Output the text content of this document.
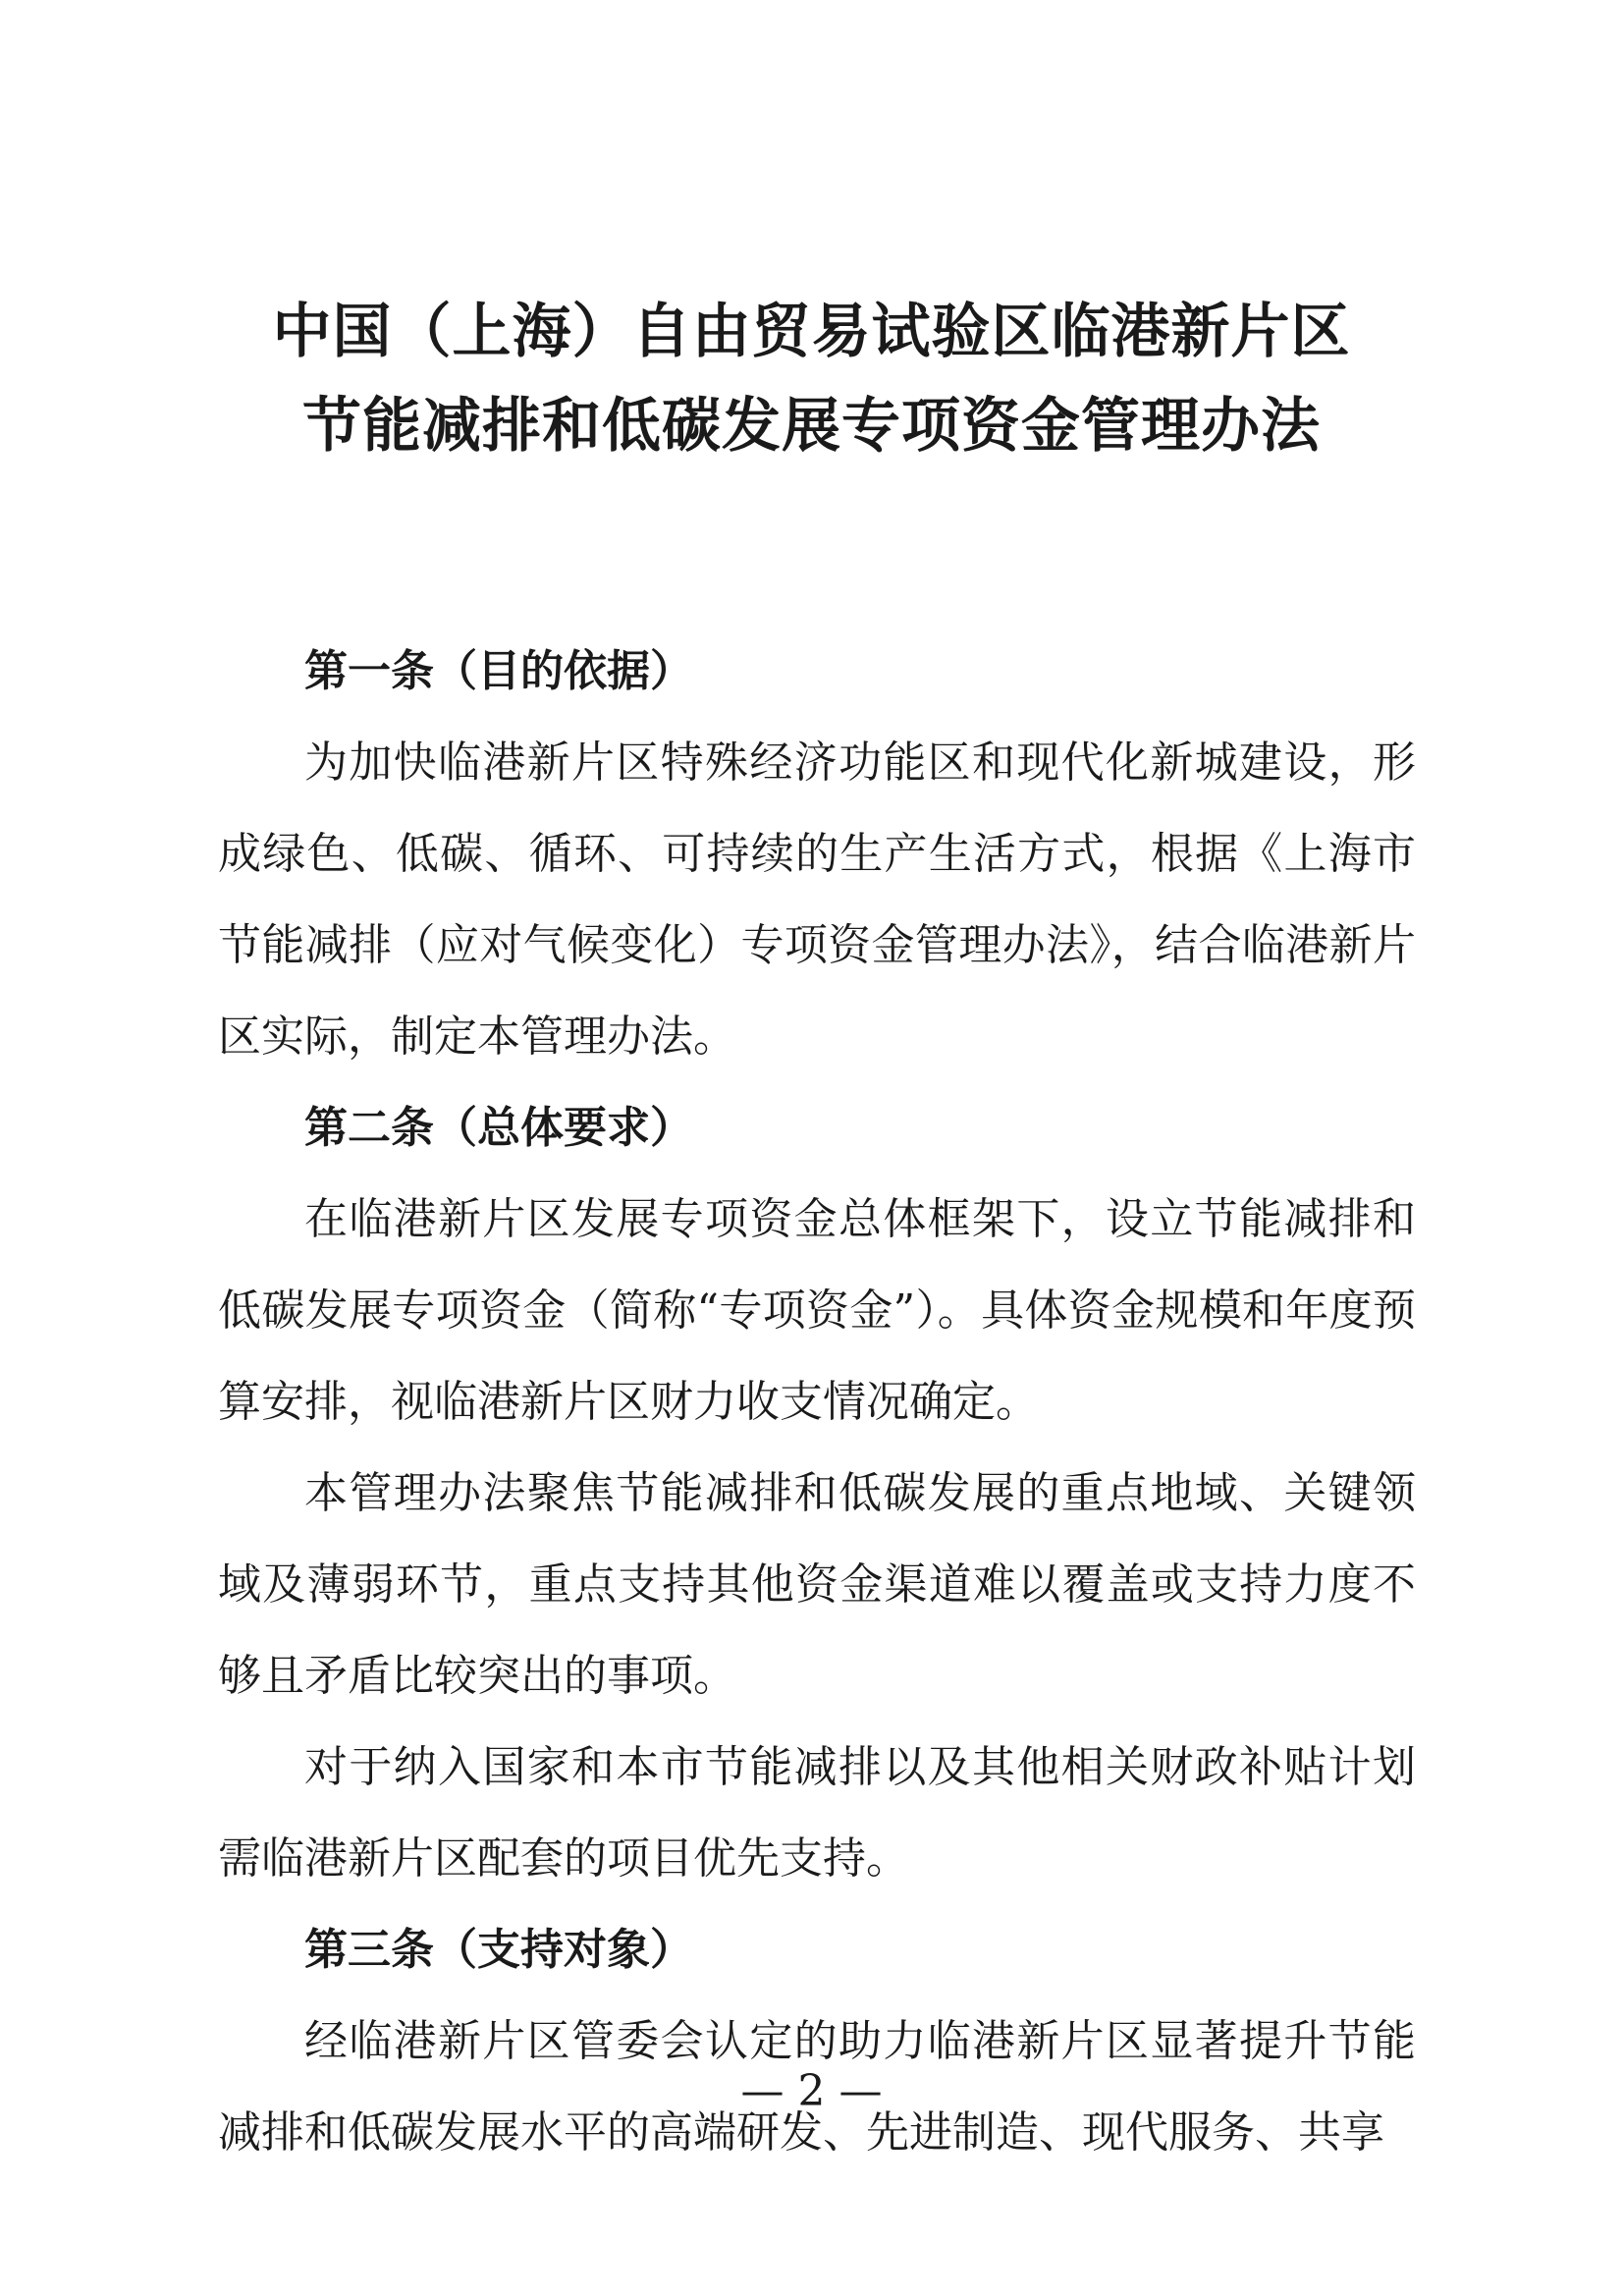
中国（上海）自由贸易试验区临港新片区
节能减排和低碳发展专项资金管理办法

第一条（目的依据）

为加快临港新片区特殊经济功能区和现代化新城建设，形成绿色、低碳、循环、可持续的生产生活方式，根据《上海市节能减排（应对气候变化）专项资金管理办法》，结合临港新片区实际，制定本管理办法。

第二条（总体要求）

在临港新片区发展专项资金总体框架下，设立节能减排和低碳发展专项资金（简称“专项资金”）。具体资金规模和年度预算安排，视临港新片区财力收支情况确定。

本管理办法聚焦节能减排和低碳发展的重点地域、关键领域及薄弱环节，重点支持其他资金渠道难以覆盖或支持力度不够且矛盾比较突出的事项。

对于纳入国家和本市节能减排以及其他相关财政补贴计划需临港新片区配套的项目优先支持。

第三条（支持对象）

经临港新片区管委会认定的助力临港新片区显著提升节能减排和低碳发展水平的高端研发、先进制造、现代服务、共享

— 2 —
